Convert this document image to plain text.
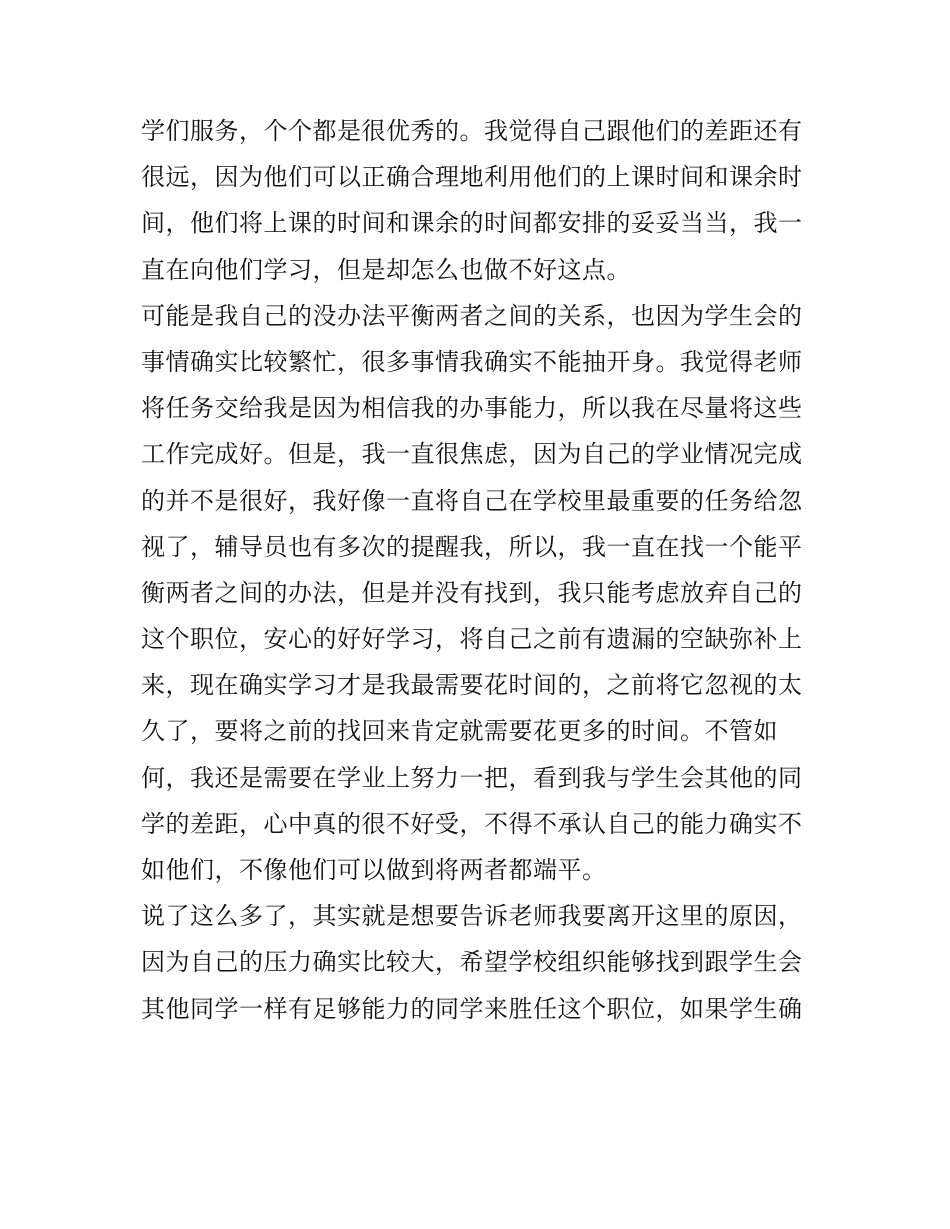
学们服务，个个都是很优秀的。我觉得自己跟他们的差距还有
很远，因为他们可以正确合理地利用他们的上课时间和课余时
间，他们将上课的时间和课余的时间都安排的妥妥当当，我一
直在向他们学习，但是却怎么也做不好这点。
可能是我自己的没办法平衡两者之间的关系，也因为学生会的
事情确实比较繁忙，很多事情我确实不能抽开身。我觉得老师
将任务交给我是因为相信我的办事能力，所以我在尽量将这些
工作完成好。但是，我一直很焦虑，因为自己的学业情况完成
的并不是很好，我好像一直将自己在学校里最重要的任务给忽
视了，辅导员也有多次的提醒我，所以，我一直在找一个能平
衡两者之间的办法，但是并没有找到，我只能考虑放弃自己的
这个职位，安心的好好学习，将自己之前有遗漏的空缺弥补上
来，现在确实学习才是我最需要花时间的，之前将它忽视的太
久了，要将之前的找回来肯定就需要花更多的时间。不管如
何，我还是需要在学业上努力一把，看到我与学生会其他的同
学的差距，心中真的很不好受，不得不承认自己的能力确实不
如他们，不像他们可以做到将两者都端平。
说了这么多了，其实就是想要告诉老师我要离开这里的原因，
因为自己的压力确实比较大，希望学校组织能够找到跟学生会
其他同学一样有足够能力的同学来胜任这个职位，如果学生确
